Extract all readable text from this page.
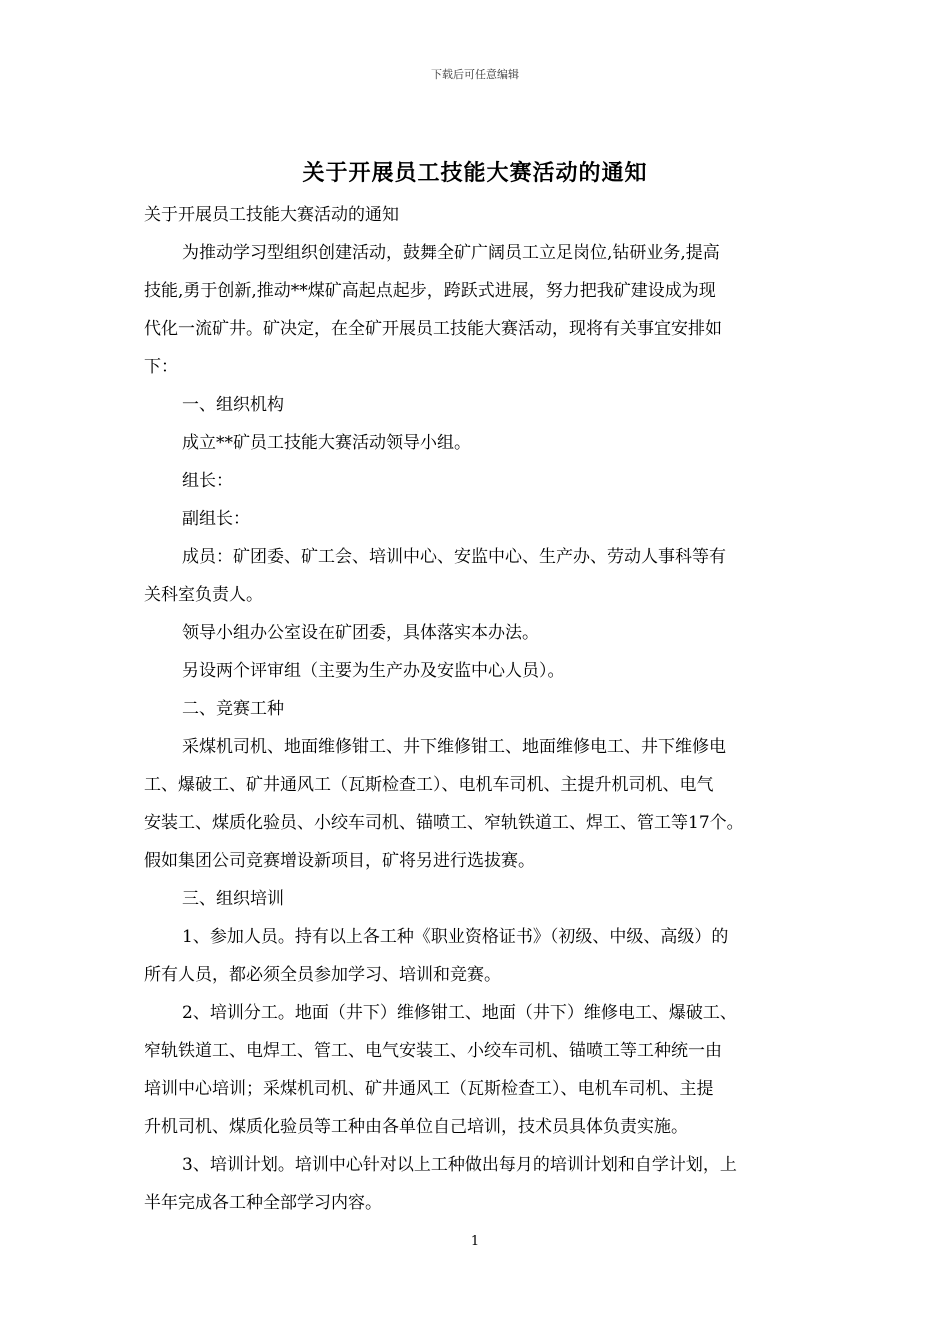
下载后可任意编辑
关于开展员工技能大赛活动的通知

关于开展员工技能大赛活动的通知

为推动学习型组织创建活动，鼓舞全矿广阔员工立足岗位,钻研业务,提高

技能,勇于创新,推动**煤矿高起点起步，跨跃式进展，努力把我矿建设成为现

代化一流矿井。矿决定，在全矿开展员工技能大赛活动，现将有关事宜安排如

下：

一、组织机构

成立**矿员工技能大赛活动领导小组。

组长：

副组长：

成员：矿团委、矿工会、培训中心、安监中心、生产办、劳动人事科等有

关科室负责人。

领导小组办公室设在矿团委，具体落实本办法。

另设两个评审组（主要为生产办及安监中心人员）。

二、竞赛工种

采煤机司机、地面维修钳工、井下维修钳工、地面维修电工、井下维修电

工、爆破工、矿井通风工（瓦斯检查工）、电机车司机、主提升机司机、电气

安装工、煤质化验员、小绞车司机、锚喷工、窄轨铁道工、焊工、管工等17个。

假如集团公司竞赛增设新项目，矿将另进行选拔赛。

三、组织培训

1、参加人员。持有以上各工种《职业资格证书》（初级、中级、高级）的

所有人员，都必须全员参加学习、培训和竞赛。

2、培训分工。地面（井下）维修钳工、地面（井下）维修电工、爆破工、

窄轨铁道工、电焊工、管工、电气安装工、小绞车司机、锚喷工等工种统一由

培训中心培训；采煤机司机、矿井通风工（瓦斯检查工）、电机车司机、主提

升机司机、煤质化验员等工种由各单位自己培训，技术员具体负责实施。

3、培训计划。培训中心针对以上工种做出每月的培训计划和自学计划，上

半年完成各工种全部学习内容。

1
